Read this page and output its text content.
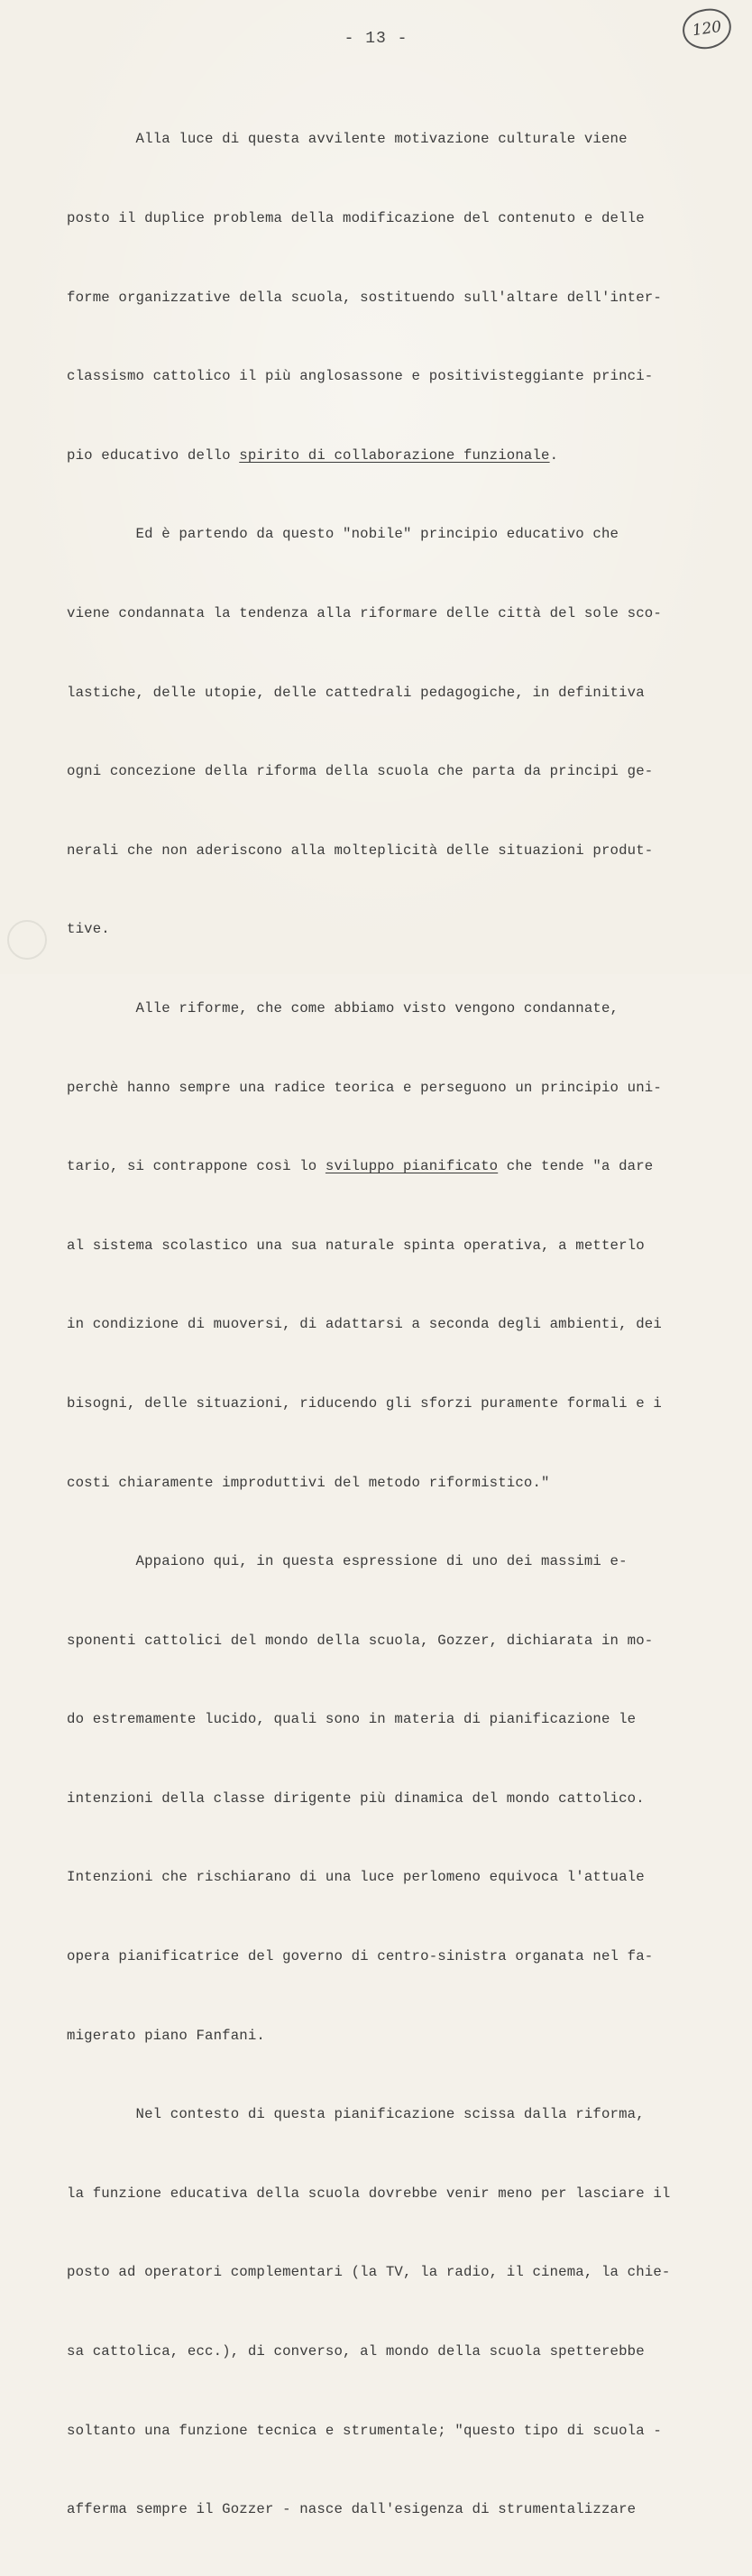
- 13 -	120

Alla luce di questa avvilente motivazione culturale viene

posto il duplice problema della modificazione del contenuto e delle

forme organizzative della scuola, sostituendo sull'altare dell'inter-

classismo cattolico il più anglosassone e positivisteggiante princi-

pio educativo dello spirito di collaborazione funzionale.

Ed è partendo da questo "nobile" principio educativo che

viene condannata la tendenza alla riformare delle città del sole sco-

lastiche, delle utopie, delle cattedrali pedagogiche, in definitiva

ogni concezione della riforma della scuola che parta da principi ge-

nerali che non aderiscono alla molteplicità delle situazioni produt-

tive.

Alle riforme, che come abbiamo visto vengono condannate,

perchè hanno sempre una radice teorica e perseguono un principio uni-

tario, si contrappone così lo sviluppo pianificato che tende "a dare

al sistema scolastico una sua naturale spinta operativa, a metterlo

in condizione di muoversi, di adattarsi a seconda degli ambienti, dei

bisogni, delle situazioni, riducendo gli sforzi puramente formali e i

costi chiaramente improduttivi del metodo riformistico."

Appaiono qui, in questa espressione di uno dei massimi e-

sponenti cattolici del mondo della scuola, Gozzer, dichiarata in mo-

do estremamente lucido, quali sono in materia di pianificazione le

intenzioni della classe dirigente più dinamica del mondo cattolico.

Intenzioni che rischiarano di una luce perlomeno equivoca l'attuale

opera pianificatrice del governo di centro-sinistra organata nel fa-

migerato piano Fanfani.

Nel contesto di questa pianificazione scissa dalla riforma,

la funzione educativa della scuola dovrebbe venir meno per lasciare il

posto ad operatori complementari (la TV, la radio, il cinema, la chie-

sa cattolica, ecc.), di converso, al mondo della scuola spetterebbe

soltanto una funzione tecnica e strumentale; "questo tipo di scuola -

afferma sempre il Gozzer - nasce dall'esigenza di strumentalizzare
